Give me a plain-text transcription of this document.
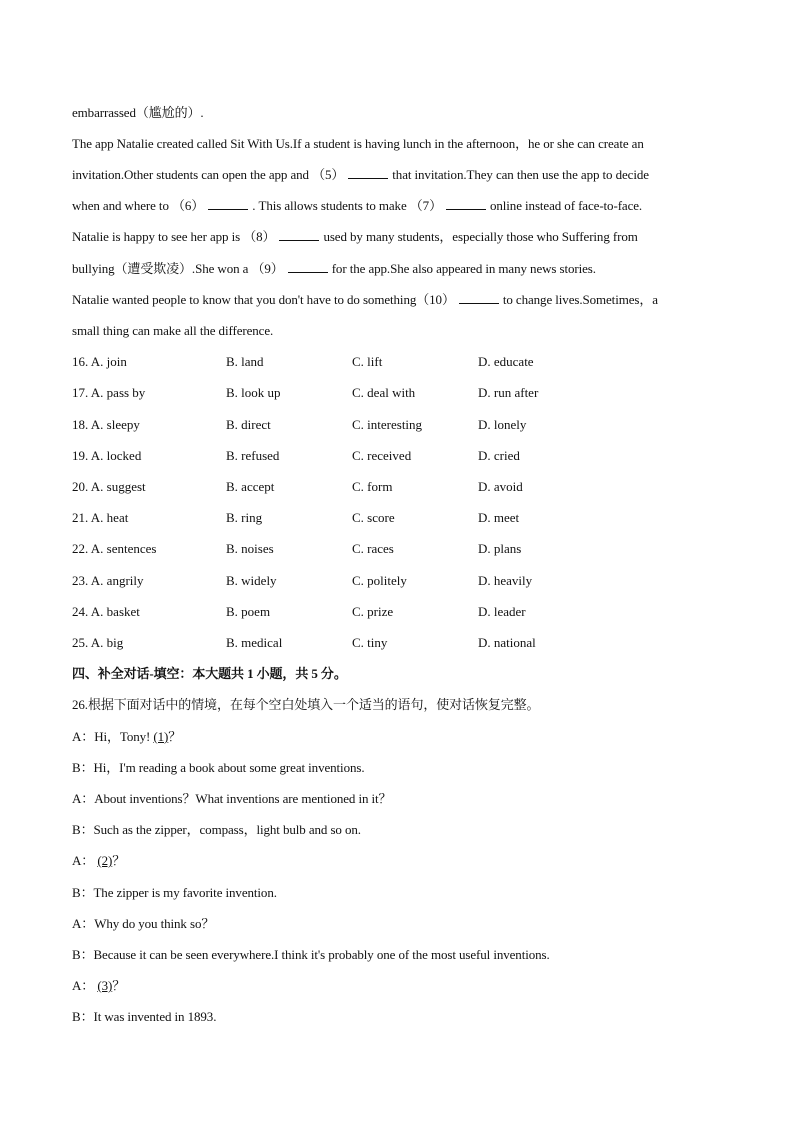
embarrassed（尴尬的）.
The app Natalie created called Sit With Us.If a student is having lunch in the afternoon，he or she can create an
invitation.Other students can open the app and （5）	that invitation.They can then use the app to decide
when and where to （6）	. This allows students to make （7）	online instead of face-to-face.
Natalie is happy to see her app is （8）	used by many students，especially those who Suffering from
bullying（遭受欺凌）.She won a （9）	for the app.She also appeared in many news stories.
Natalie wanted people to know that you don't have to do something（10）	to change lives.Sometimes，a
small thing can make all the difference.
16. A. join	B. land	C. lift	D. educate
17. A. pass by	B. look up	C. deal with	D. run after
18. A. sleepy	B. direct	C. interesting	D. lonely
19. A. locked	B. refused	C. received	D. cried
20. A. suggest	B. accept	C. form	D. avoid
21. A. heat	B. ring	C. score	D. meet
22. A. sentences	B. noises	C. races	D. plans
23. A. angrily	B. widely	C. politely	D. heavily
24. A. basket	B. poem	C. prize	D. leader
25. A. big	B. medical	C. tiny	D. national
四、补全对话-填空：本大题共 1 小题，共 5 分。
26.根据下面对话中的情境，在每个空白处填入一个适当的语句，使对话恢复完整。
A：Hi，Tony! (1)？
B：Hi，I'm reading a book about some great inventions.
A：About inventions？What inventions are mentioned in it？
B：Such as the zipper，compass，light bulb and so on.
A： (2)？
B：The zipper is my favorite invention.
A：Why do you think so？
B：Because it can be seen everywhere.I think it's probably one of the most useful inventions.
A： (3)？
B：It was invented in 1893.
